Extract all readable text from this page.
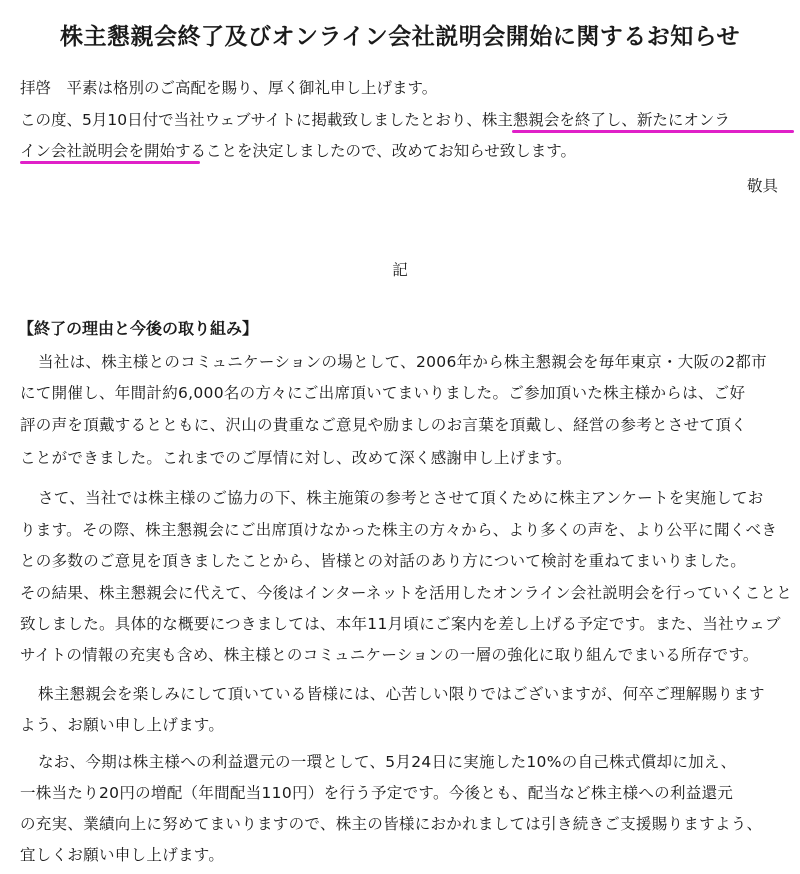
株主懇親会終了及びオンライン会社説明会開始に関するお知らせ
拝啓　平素は格別のご高配を賜り、厚く御礼申し上げます。
この度、5月10日付で当社ウェブサイトに掲載致しましたとおり、株主懇親会を終了し、新たにオンラ
イン会社説明会を開始することを決定しましたので、改めてお知らせ致します。
敬具
記
【終了の理由と今後の取り組み】
当社は、株主様とのコミュニケーションの場として、2006年から株主懇親会を毎年東京・大阪の2都市
にて開催し、年間計約6,000名の方々にご出席頂いてまいりました。ご参加頂いた株主様からは、ご好
評の声を頂戴するとともに、沢山の貴重なご意見や励ましのお言葉を頂戴し、経営の参考とさせて頂く
ことができました。これまでのご厚情に対し、改めて深く感謝申し上げます。
さて、当社では株主様のご協力の下、株主施策の参考とさせて頂くために株主アンケートを実施してお
ります。その際、株主懇親会にご出席頂けなかった株主の方々から、より多くの声を、より公平に聞くべき
との多数のご意見を頂きましたことから、皆様との対話のあり方について検討を重ねてまいりました。
その結果、株主懇親会に代えて、今後はインターネットを活用したオンライン会社説明会を行っていくことと
致しました。具体的な概要につきましては、本年11月頃にご案内を差し上げる予定です。また、当社ウェブ
サイトの情報の充実も含め、株主様とのコミュニケーションの一層の強化に取り組んでまいる所存です。
株主懇親会を楽しみにして頂いている皆様には、心苦しい限りではございますが、何卒ご理解賜ります
よう、お願い申し上げます。
なお、今期は株主様への利益還元の一環として、5月24日に実施した10%の自己株式償却に加え、
一株当たり20円の増配（年間配当110円）を行う予定です。今後とも、配当など株主様への利益還元
の充実、業績向上に努めてまいりますので、株主の皆様におかれましては引き続きご支援賜りますよう、
宜しくお願い申し上げます。
